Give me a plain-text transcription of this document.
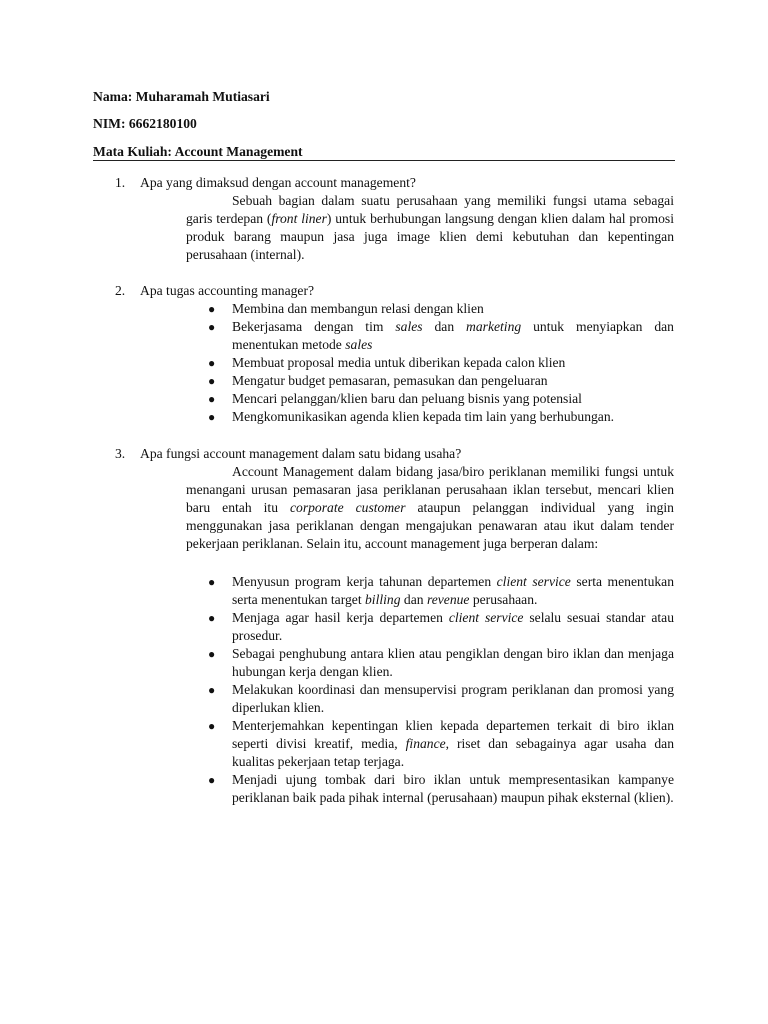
Nama: Muharamah Mutiasari
NIM: 6662180100
Mata Kuliah: Account Management
1.	Apa yang dimaksud dengan account management?

Sebuah bagian dalam suatu perusahaan yang memiliki fungsi utama sebagai garis terdepan (front liner) untuk berhubungan langsung dengan klien dalam hal promosi produk barang maupun jasa juga image klien demi kebutuhan dan kepentingan perusahaan (internal).

2.	Apa tugas accounting manager?
● Membina dan membangun relasi dengan klien
● Bekerjasama dengan tim sales dan marketing untuk menyiapkan dan menentukan metode sales
● Membuat proposal media untuk diberikan kepada calon klien
● Mengatur budget pemasaran, pemasukan dan pengeluaran
● Mencari pelanggan/klien baru dan peluang bisnis yang potensial
● Mengkomunikasikan agenda klien kepada tim lain yang berhubungan.
3.	Apa fungsi account management dalam satu bidang usaha?

Account Management dalam bidang jasa/biro periklanan memiliki fungsi untuk menangani urusan pemasaran jasa periklanan perusahaan iklan tersebut, mencari klien baru entah itu corporate customer ataupun pelanggan individual yang ingin menggunakan jasa periklanan dengan mengajukan penawaran atau ikut dalam tender pekerjaan periklanan. Selain itu, account management juga berperan dalam:

● Menyusun program kerja tahunan departemen client service serta menentukan serta menentukan target billing dan revenue perusahaan.
● Menjaga agar hasil kerja departemen client service selalu sesuai standar atau prosedur.
● Sebagai penghubung antara klien atau pengiklan dengan biro iklan dan menjaga hubungan kerja dengan klien.
● Melakukan koordinasi dan mensupervisi program periklanan dan promosi yang diperlukan klien.
● Menterjemahkan kepentingan klien kepada departemen terkait di biro iklan seperti divisi kreatif, media, finance, riset dan sebagainya agar usaha dan kualitas pekerjaan tetap terjaga.
● Menjadi ujung tombak dari biro iklan untuk mempresentasikan kampanye periklanan baik pada pihak internal (perusahaan) maupun pihak eksternal (klien).
